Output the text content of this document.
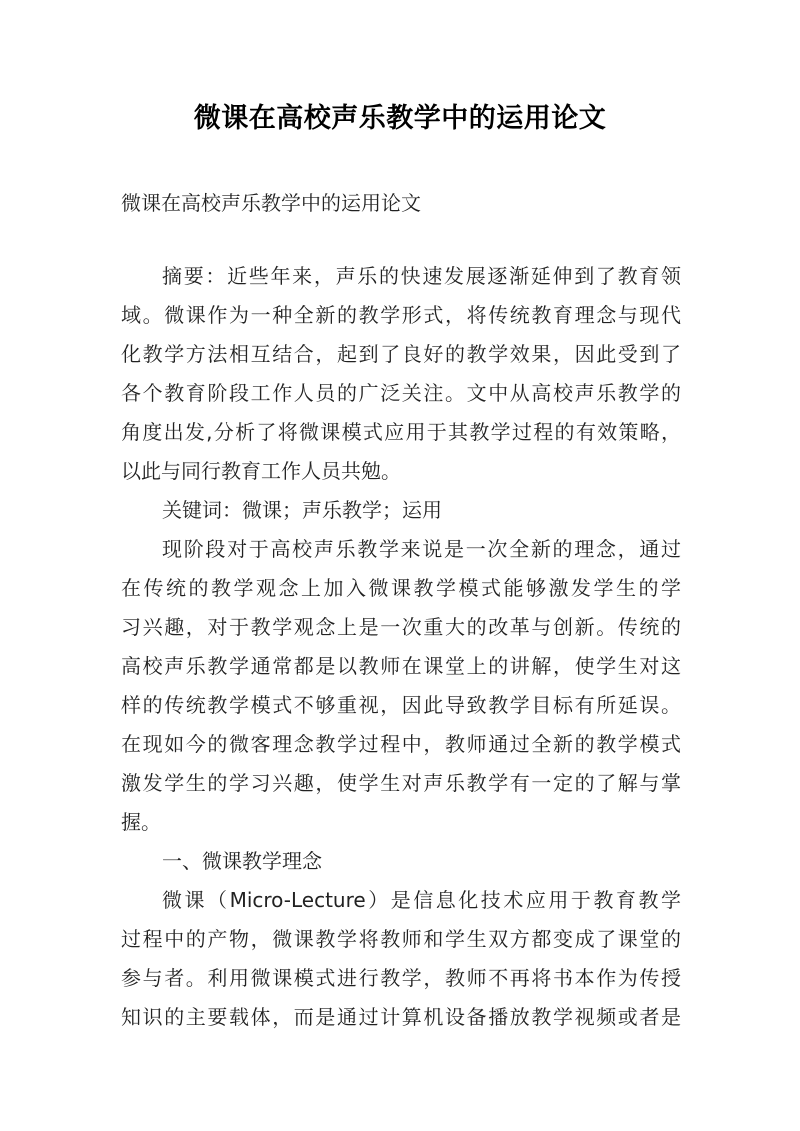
微课在高校声乐教学中的运用论文
微课在高校声乐教学中的运用论文
摘要：近些年来，声乐的快速发展逐渐延伸到了教育领
域。微课作为一种全新的教学形式，将传统教育理念与现代
化教学方法相互结合，起到了良好的教学效果，因此受到了
各个教育阶段工作人员的广泛关注。文中从高校声乐教学的
角度出发,分析了将微课模式应用于其教学过程的有效策略，
以此与同行教育工作人员共勉。
关键词：微课；声乐教学；运用
现阶段对于高校声乐教学来说是一次全新的理念，通过
在传统的教学观念上加入微课教学模式能够激发学生的学
习兴趣，对于教学观念上是一次重大的改革与创新。传统的
高校声乐教学通常都是以教师在课堂上的讲解，使学生对这
样的传统教学模式不够重视，因此导致教学目标有所延误。
在现如今的微客理念教学过程中，教师通过全新的教学模式
激发学生的学习兴趣，使学生对声乐教学有一定的了解与掌
握。
一、微课教学理念
微课（Micro-Lecture）是信息化技术应用于教育教学
过程中的产物，微课教学将教师和学生双方都变成了课堂的
参与者。利用微课模式进行教学，教师不再将书本作为传授
知识的主要载体，而是通过计算机设备播放教学视频或者是
